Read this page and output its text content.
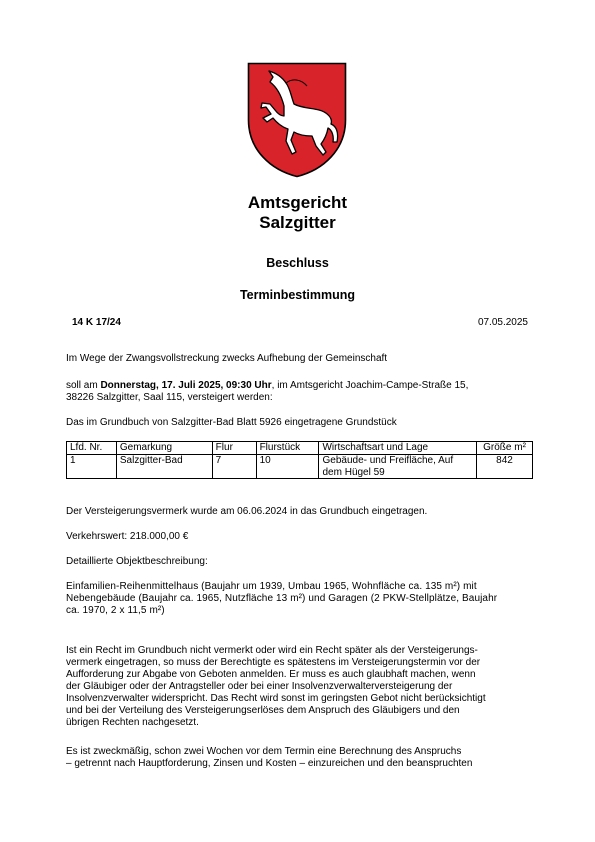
Amtsgericht
Salzgitter
Beschluss
Terminbestimmung
14 K 17/24	07.05.2025
Im Wege der Zwangsvollstreckung zwecks Aufhebung der Gemeinschaft
soll am Donnerstag, 17. Juli 2025, 09:30 Uhr, im Amtsgericht Joachim-Campe-Straße 15,
38226 Salzgitter, Saal 115, versteigert werden:
Das im Grundbuch von Salzgitter-Bad Blatt 5926 eingetragene Grundstück
Lfd. Nr.	Gemarkung	Flur	Flurstück	Wirtschaftsart und Lage	Größe m²
1	Salzgitter-Bad	7	10	Gebäude- und Freifläche, Auf dem Hügel 59	842
Der Versteigerungsvermerk wurde am 06.06.2024 in das Grundbuch eingetragen.
Verkehrswert: 218.000,00 €
Detaillierte Objektbeschreibung:
Einfamilien-Reihenmittelhaus (Baujahr um 1939, Umbau 1965, Wohnfläche ca. 135 m²) mit
Nebengebäude (Baujahr ca. 1965, Nutzfläche 13 m²) und Garagen (2 PKW-Stellplätze, Baujahr
ca. 1970, 2 x 11,5 m²)
Ist ein Recht im Grundbuch nicht vermerkt oder wird ein Recht später als der Versteigerungs-
vermerk eingetragen, so muss der Berechtigte es spätestens im Versteigerungstermin vor der
Aufforderung zur Abgabe von Geboten anmelden. Er muss es auch glaubhaft machen, wenn
der Gläubiger oder der Antragsteller oder bei einer Insolvenzverwalterversteigerung der
Insolvenzverwalter widerspricht. Das Recht wird sonst im geringsten Gebot nicht berücksichtigt
und bei der Verteilung des Versteigerungserlöses dem Anspruch des Gläubigers und den
übrigen Rechten nachgesetzt.
Es ist zweckmäßig, schon zwei Wochen vor dem Termin eine Berechnung des Anspruchs
– getrennt nach Hauptforderung, Zinsen und Kosten – einzureichen und den beanspruchten
